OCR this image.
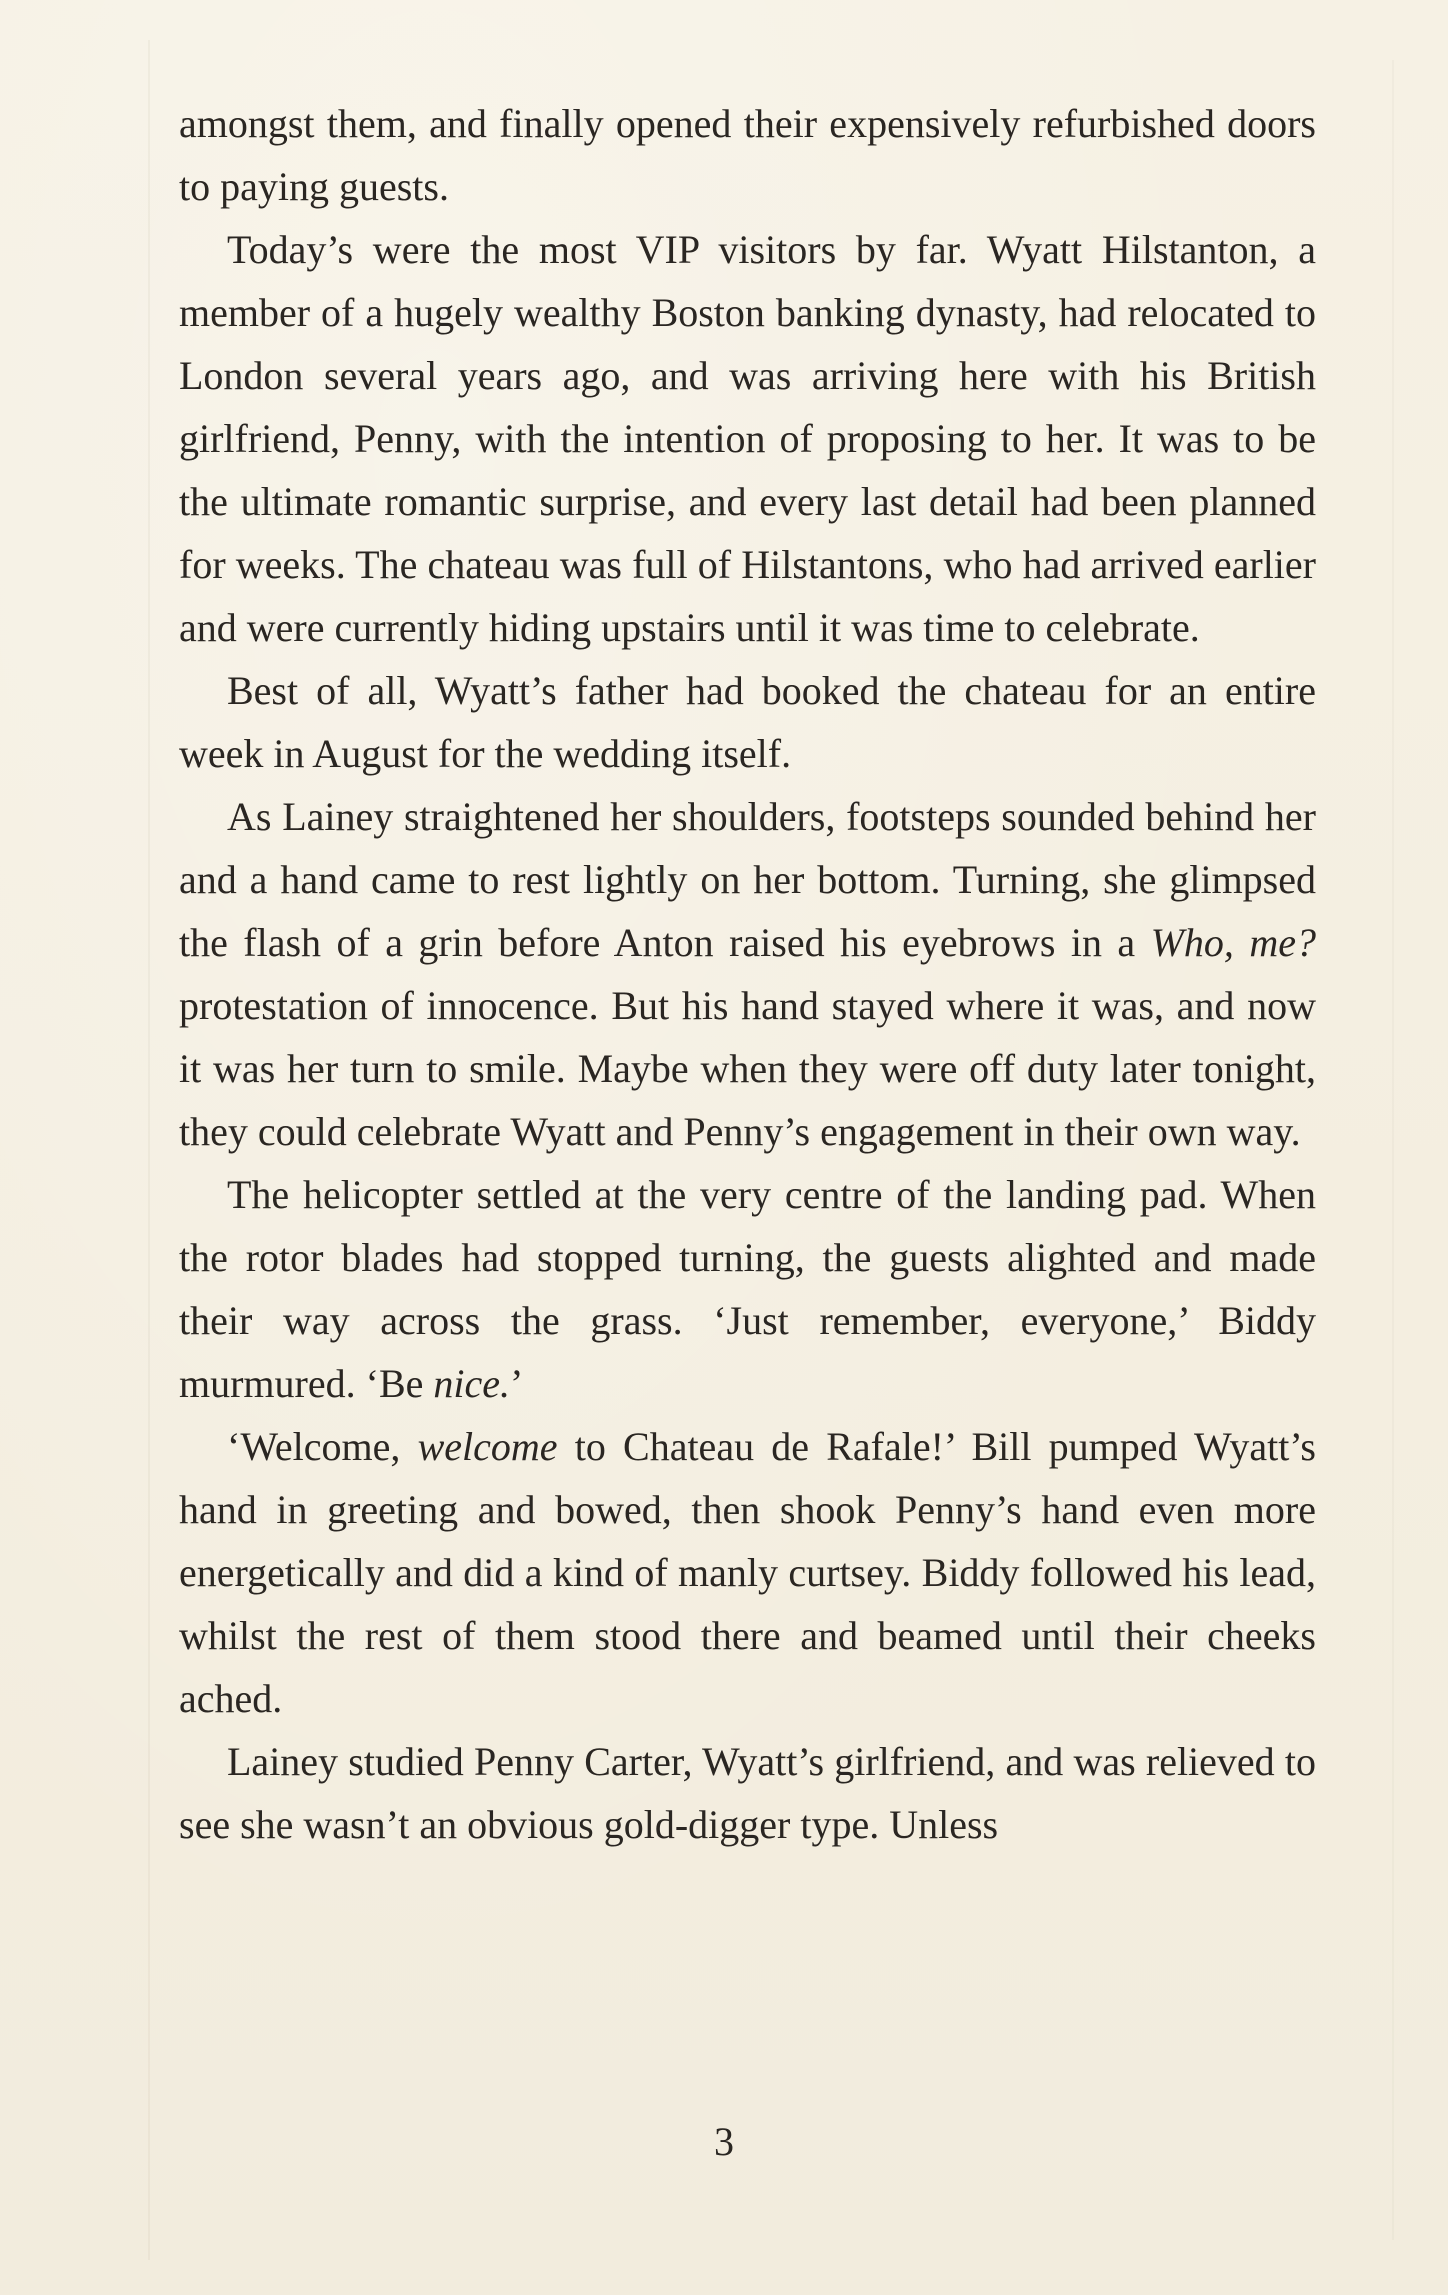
amongst them, and finally opened their expensively refurbished doors to paying guests.

Today’s were the most VIP visitors by far. Wyatt Hilstanton, a member of a hugely wealthy Boston banking dynasty, had relocated to London several years ago, and was arriving here with his British girlfriend, Penny, with the intention of proposing to her. It was to be the ultimate romantic surprise, and every last detail had been planned for weeks. The chateau was full of Hilstantons, who had arrived earlier and were currently hiding upstairs until it was time to celebrate.

Best of all, Wyatt’s father had booked the chateau for an entire week in August for the wedding itself.

As Lainey straightened her shoulders, footsteps sounded behind her and a hand came to rest lightly on her bottom. Turning, she glimpsed the flash of a grin before Anton raised his eyebrows in a Who, me? protestation of innocence. But his hand stayed where it was, and now it was her turn to smile. Maybe when they were off duty later tonight, they could celebrate Wyatt and Penny’s engagement in their own way.

The helicopter settled at the very centre of the landing pad. When the rotor blades had stopped turning, the guests alighted and made their way across the grass. ‘Just remember, everyone,’ Biddy murmured. ‘Be nice.’

‘Welcome, welcome to Chateau de Rafale!’ Bill pumped Wyatt’s hand in greeting and bowed, then shook Penny’s hand even more energetically and did a kind of manly curtsey. Biddy followed his lead, whilst the rest of them stood there and beamed until their cheeks ached.

Lainey studied Penny Carter, Wyatt’s girlfriend, and was relieved to see she wasn’t an obvious gold-digger type. Unless

3
